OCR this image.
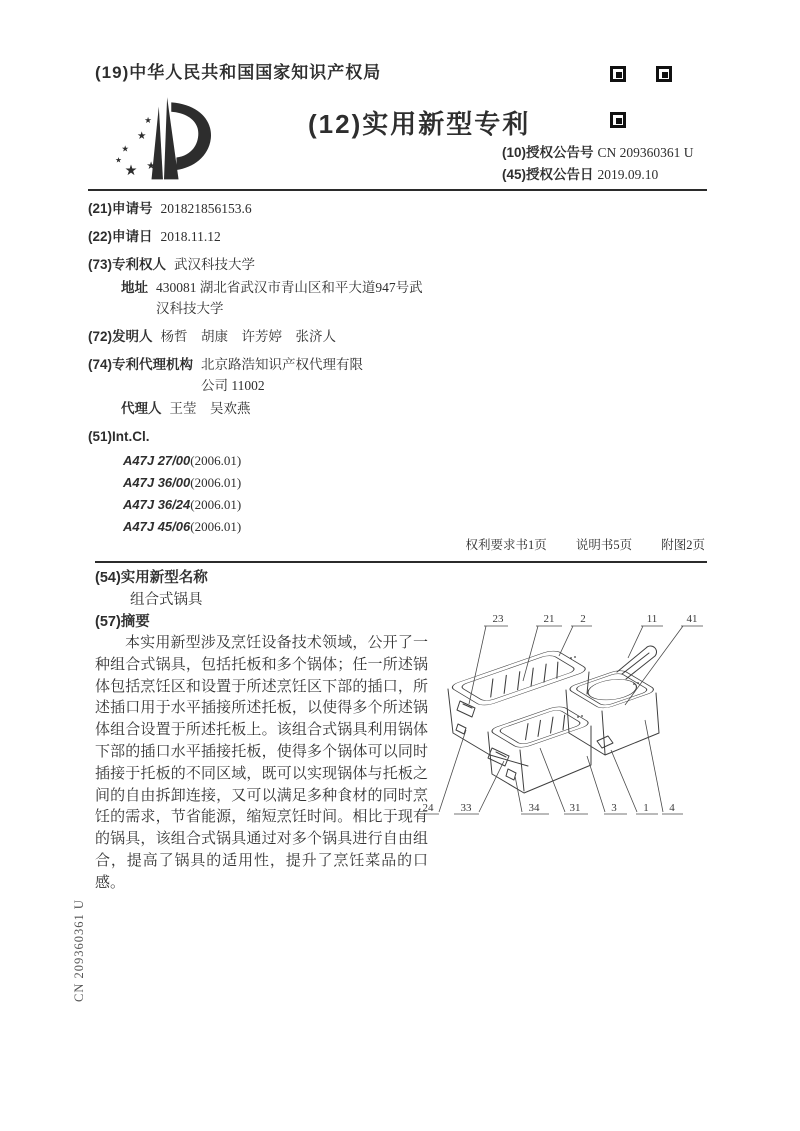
(19)中华人民共和国国家知识产权局
★
★
★
★
★ ★
(12)实用新型专利
(10)授权公告号 CN 209360361 U
(45)授权公告日 2019.09.10
(21)申请号 201821856153.6
(22)申请日 2018.11.12
(73)专利权人 武汉科技大学
地址 430081 湖北省武汉市青山区和平大道947号武汉科技大学
(72)发明人 杨哲　胡康　许芳婷　张济人
(74)专利代理机构 北京路浩知识产权代理有限公司 11002
代理人 王莹　吴欢燕
(51)Int.Cl.
A47J 27/00(2006.01)
A47J 36/00(2006.01)
A47J 36/24(2006.01)
A47J 45/06(2006.01)
权利要求书1页 说明书5页 附图2页
(54)实用新型名称
组合式锅具
(57)摘要
本实用新型涉及烹饪设备技术领域，公开了一种组合式锅具，包括托板和多个锅体；任一所述锅体包括烹饪区和设置于所述烹饪区下部的插口，所述插口用于水平插接所述托板，以使得多个所述锅体组合设置于所述托板上。该组合式锅具利用锅体下部的插口水平插接托板，使得多个锅体可以同时插接于托板的不同区域，既可以实现锅体与托板之间的自由拆卸连接，又可以满足多种食材的同时烹饪的需求，节省能源，缩短烹饪时间。相比于现有的锅具，该组合式锅具通过对多个锅具进行自由组合，提高了锅具的适用性，提升了烹饪菜品的口感。
23	21 2	11	41
24 33	34	31	3 1 4
CN 209360361 U
